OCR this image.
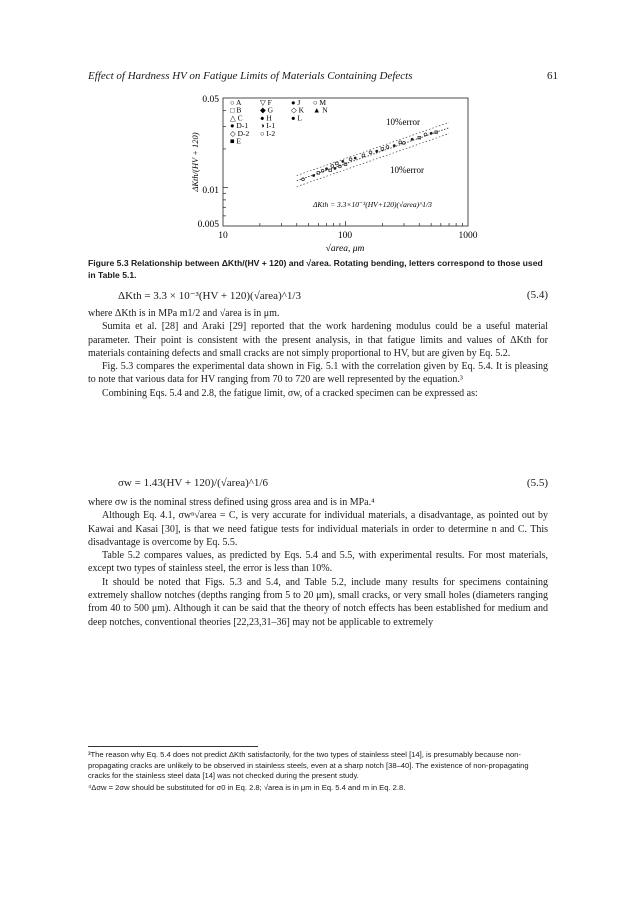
Effect of Hardness HV on Fatigue Limits of Materials Containing Defects	61
0.05
0.01
0.005
10	100	1000
√area, μm
ΔKth/(HV + 120)
○ A
□ B
△ C
● D-1
◇ D-2
■ E
▽ F
◆ G
● H
◑ I-1
○ I-2
● J
◇ K
● L
○ M
▲ N
10%error
10%error
ΔKth = 3.3×10⁻³(HV+120)(√area)^1/3
Figure 5.3 Relationship between ΔKth/(HV + 120) and √area. Rotating bending, letters correspond to those used in Table 5.1.
ΔKth = 3.3 × 10⁻³(HV + 120)(√area)^1/3	(5.4)

where ΔKth is in MPa m1/2 and √area is in μm.

Sumita et al. [28] and Araki [29] reported that the work hardening modulus could be a useful material parameter. Their point is consistent with the present analysis, in that fatigue limits and values of ΔKth for materials containing defects and small cracks are not simply proportional to HV, but are given by Eq. 5.2.

Fig. 5.3 compares the experimental data shown in Fig. 5.1 with the correlation given by Eq. 5.4. It is pleasing to note that various data for HV ranging from 70 to 720 are well represented by the equation.³

Combining Eqs. 5.4 and 2.8, the fatigue limit, σw, of a cracked specimen can be expressed as:

σw = 1.43(HV + 120)/(√area)^1/6	(5.5)

where σw is the nominal stress defined using gross area and is in MPa.⁴

Although Eq. 4.1, σwⁿ√area = C, is very accurate for individual materials, a disadvantage, as pointed out by Kawai and Kasai [30], is that we need fatigue tests for individual materials in order to determine n and C. This disadvantage is overcome by Eq. 5.5.

Table 5.2 compares values, as predicted by Eqs. 5.4 and 5.5, with experimental results. For most materials, except two types of stainless steel, the error is less than 10%.

It should be noted that Figs. 5.3 and 5.4, and Table 5.2, include many results for specimens containing extremely shallow notches (depths ranging from 5 to 20 μm), small cracks, or very small holes (diameters ranging from 40 to 500 μm). Although it can be said that the theory of notch effects has been established for medium and deep notches, conventional theories [22,23,31–36] may not be applicable to extremely

³The reason why Eq. 5.4 does not predict ΔKth satisfactorily, for the two types of stainless steel [14], is presumably because non-propagating cracks are unlikely to be observed in stainless steels, even at a sharp notch [38–40]. The existence of non-propagating cracks for the stainless steel data [14] was not checked during the present study.

⁴Δσw = 2σw should be substituted for σ0 in Eq. 2.8; √area is in μm in Eq. 5.4 and m in Eq. 2.8.
